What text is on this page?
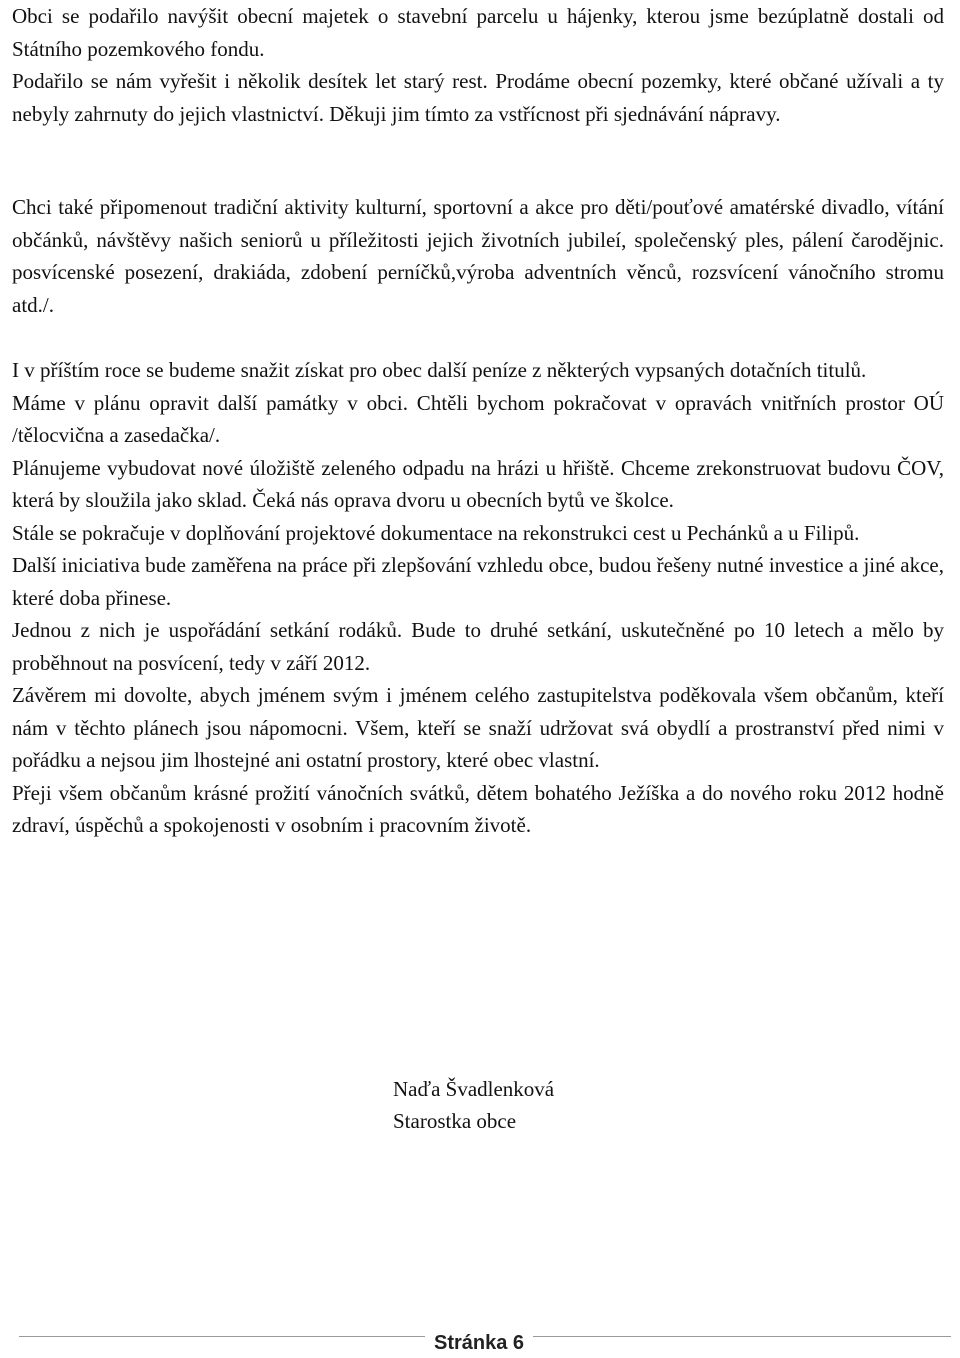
Obci se podařilo navýšit obecní majetek o stavební parcelu u hájenky, kterou jsme bezúplatně dostali od Státního pozemkového fondu.
Podařilo se nám vyřešit i několik desítek let starý rest. Prodáme obecní pozemky, které občané užívali a ty nebyly zahrnuty do jejich vlastnictví. Děkuji jim tímto za vstřícnost při sjednávání nápravy.
Chci také připomenout tradiční aktivity kulturní, sportovní a akce pro děti/pouťové amatérské divadlo, vítání občánků, návštěvy našich seniorů u příležitosti jejich životních jubileí, společenský ples, pálení čarodějnic. posvícenské posezení, drakiáda, zdobení perníčků,výroba adventních věnců, rozsvícení vánočního stromu atd./.
I v příštím roce se budeme snažit získat pro obec další peníze z některých vypsaných dotačních titulů.
Máme v plánu opravit další památky v obci. Chtěli bychom pokračovat v opravách vnitřních prostor OÚ /tělocvična a zasedačka/.
Plánujeme vybudovat nové úložiště zeleného odpadu na hrázi u hřiště. Chceme zrekonstruovat budovu ČOV, která by sloužila jako sklad. Čeká nás oprava dvoru u obecních bytů ve školce.
Stále se pokračuje v doplňování projektové dokumentace na rekonstrukci cest u Pechánků a u Filipů.
Další iniciativa bude zaměřena na práce při zlepšování vzhledu obce, budou řešeny nutné investice a jiné akce, které doba přinese.
Jednou z nich je uspořádání setkání rodáků. Bude to druhé setkání, uskutečněné po 10 letech a mělo by proběhnout na posvícení, tedy v září 2012.
Závěrem mi dovolte, abych jménem svým i jménem celého zastupitelstva poděkovala všem občanům, kteří nám v těchto plánech jsou nápomocni. Všem, kteří se snaží udržovat svá obydlí a prostranství před nimi v pořádku a nejsou jim lhostejné ani ostatní prostory, které obec vlastní.
Přeji všem občanům krásné prožití vánočních svátků, dětem bohatého Ježíška a do nového roku 2012 hodně zdraví, úspěchů a spokojenosti v osobním i pracovním životě.
Naďa Švadlenková
Starostka obce
Stránka 6
